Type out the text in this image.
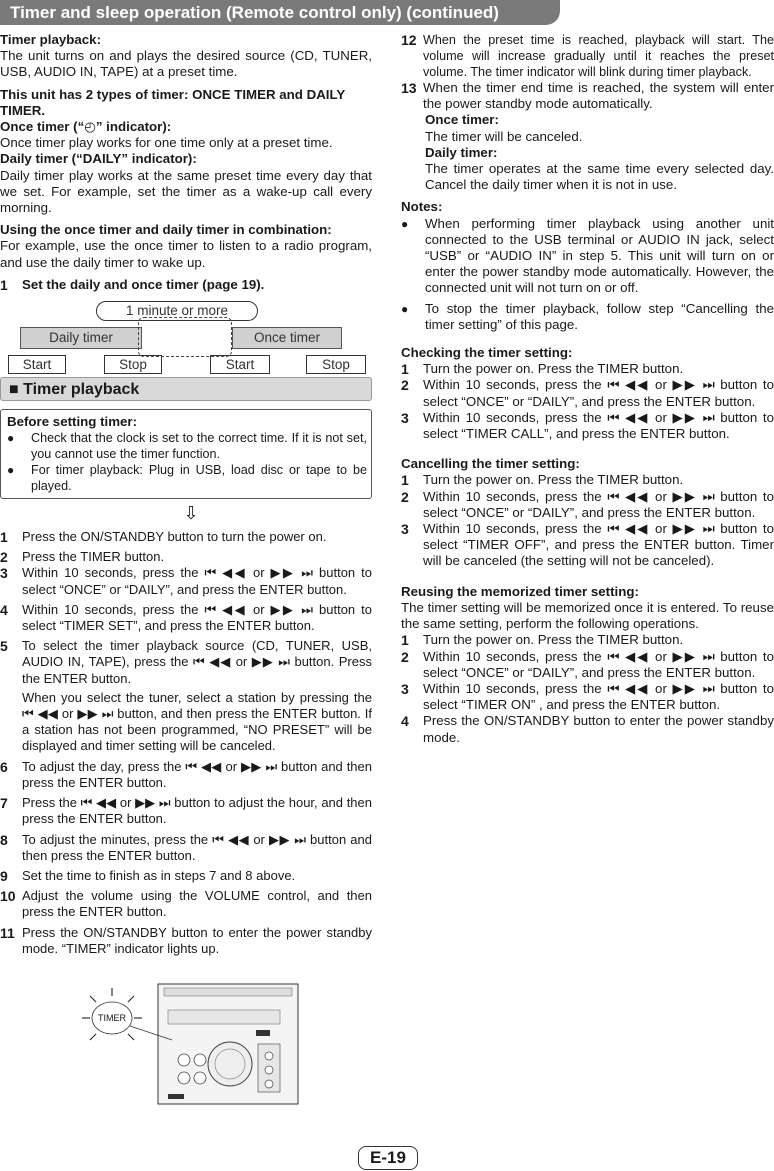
Timer and sleep operation (Remote control only) (continued)

Timer playback:

The unit turns on and plays the desired source (CD, TUNER, USB, AUDIO IN, TAPE) at a preset time.

This unit has 2 types of timer: ONCE TIMER and DAILY TIMER.

Once timer (“◴” indicator):

Once timer play works for one time only at a preset time.

Daily timer (“DAILY” indicator):

Daily timer play works at the same preset time every day that we set. For example, set the timer as a wake-up call every morning.

Using the once timer and daily timer in combination:

For example, use the once timer to listen to a radio program, and use the daily timer to wake up.

1	Set the daily and once timer (page 19).
1 minute or more
Daily timer	Once timer
Start	Stop	Start	Stop
■ Timer playback

Before setting timer:

●	Check that the clock is set to the correct time. If it is not set, you cannot use the timer function.
●	For timer playback: Plug in USB, load disc or tape to be played.
⇩
1	Press the ON/STANDBY button to turn the power on.
2	Press the TIMER button.
3	Within 10 seconds, press the ⏮ ◀◀ or ▶▶ ⏭ button to select “ONCE” or “DAILY”, and press the ENTER button.
4	Within 10 seconds, press the ⏮ ◀◀ or ▶▶ ⏭ button to select “TIMER SET”, and press the ENTER button.
5	To select the timer playback source (CD, TUNER, USB, AUDIO IN, TAPE), press the ⏮ ◀◀ or ▶▶ ⏭ button. Press the ENTER button.
When you select the tuner, select a station by pressing the ⏮ ◀◀ or ▶▶ ⏭ button, and then press the ENTER button. If a station has not been programmed, “NO PRESET” will be displayed and timer setting will be canceled.
6	To adjust the day, press the ⏮ ◀◀ or ▶▶ ⏭ button and then press the ENTER button.
7	Press the ⏮ ◀◀ or ▶▶ ⏭ button to adjust the hour, and then press the ENTER button.
8	To adjust the minutes, press the ⏮ ◀◀ or ▶▶ ⏭ button and then press the ENTER button.
9	Set the time to finish as in steps 7 and 8 above.
10 Adjust the volume using the VOLUME control, and then press the ENTER button.
11 Press the ON/STANDBY button to enter the power standby mode. “TIMER” indicator lights up.
TIMER
12 When the preset time is reached, playback will start. The volume will increase gradually until it reaches the preset volume. The timer indicator will blink during timer playback.
13 When the timer end time is reached, the system will enter the power standby mode automatically.

Once timer:

The timer will be canceled.

Daily timer:

The timer operates at the same time every selected day. Cancel the daily timer when it is not in use.

Notes:

●	When performing timer playback using another unit connected to the USB terminal or AUDIO IN jack, select “USB” or “AUDIO IN” in step 5. This unit will turn on or enter the power standby mode automatically. However, the connected unit will not turn on or off.
●	To stop the timer playback, follow step “Cancelling the timer setting” of this page.

Checking the timer setting:

1	Turn the power on. Press the TIMER button.
2	Within 10 seconds, press the ⏮ ◀◀ or ▶▶ ⏭ button to select “ONCE” or “DAILY”, and press the ENTER button.
3	Within 10 seconds, press the ⏮ ◀◀ or ▶▶ ⏭ button to select “TIMER CALL”, and press the ENTER button.

Cancelling the timer setting:

1	Turn the power on. Press the TIMER button.
2	Within 10 seconds, press the ⏮ ◀◀ or ▶▶ ⏭ button to select “ONCE” or “DAILY”, and press the ENTER button.
3	Within 10 seconds, press the ⏮ ◀◀ or ▶▶ ⏭ button to select “TIMER OFF”, and press the ENTER button. Timer will be canceled (the setting will not be canceled).

Reusing the memorized timer setting:

The timer setting will be memorized once it is entered. To reuse the same setting, perform the following operations.

1	Turn the power on. Press the TIMER button.
2	Within 10 seconds, press the ⏮ ◀◀ or ▶▶ ⏭ button to select “ONCE” or “DAILY”, and press the ENTER button.
3	Within 10 seconds, press the ⏮ ◀◀ or ▶▶ ⏭ button to select “TIMER ON” , and press the ENTER button.
4	Press the ON/STANDBY button to enter the power standby mode.
E-19
